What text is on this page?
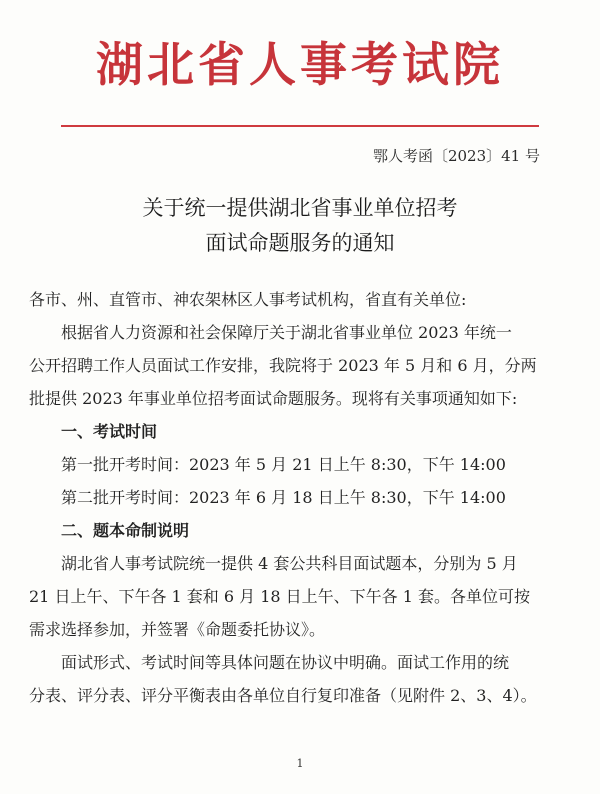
湖北省人事考试院
鄂人考函〔2023〕41 号
关于统一提供湖北省事业单位招考
面试命题服务的通知
各市、州、直管市、神农架林区人事考试机构，省直有关单位:
根据省人力资源和社会保障厅关于湖北省事业单位 2023 年统一
公开招聘工作人员面试工作安排，我院将于 2023 年 5 月和 6 月，分两
批提供 2023 年事业单位招考面试命题服务。现将有关事项通知如下:
一、考试时间
第一批开考时间：2023 年 5 月 21 日上午 8:30，下午 14:00
第二批开考时间：2023 年 6 月 18 日上午 8:30，下午 14:00
二、题本命制说明
湖北省人事考试院统一提供 4 套公共科目面试题本，分别为 5 月
21 日上午、下午各 1 套和 6 月 18 日上午、下午各 1 套。各单位可按
需求选择参加，并签署《命题委托协议》。
面试形式、考试时间等具体问题在协议中明确。面试工作用的统
分表、评分表、评分平衡表由各单位自行复印准备（见附件 2、3、4）。
1
